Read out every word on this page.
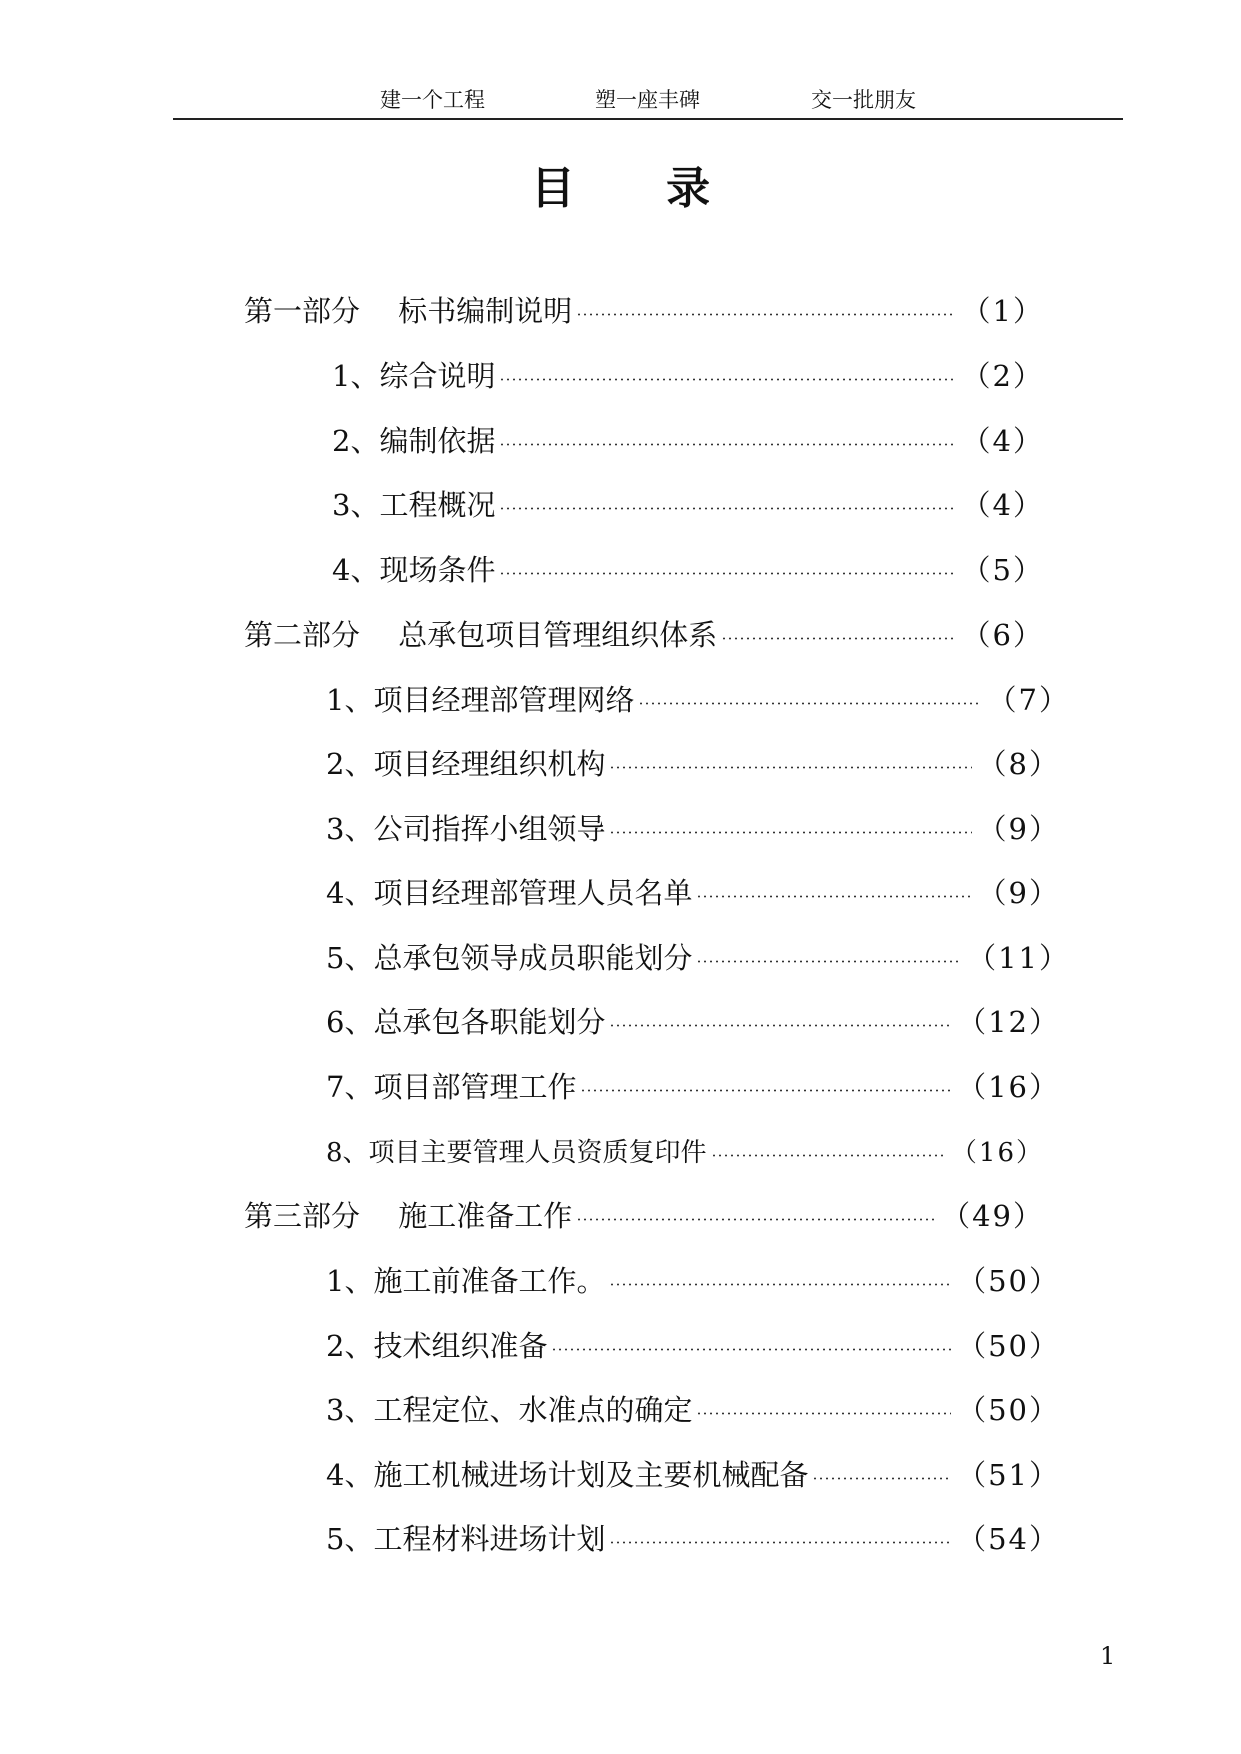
建一个工程	塑一座丰碑	交一批朋友
目 录
第一部分　 标书编制说明	（1）
1、综合说明	（2）
2、编制依据	（4）
3、工程概况	（4）
4、现场条件	（5）
第二部分　 总承包项目管理组织体系	（6）
1、项目经理部管理网络	（7）
2、项目经理组织机构	（8）
3、公司指挥小组领导	（9）
4、项目经理部管理人员名单	（9）
5、总承包领导成员职能划分	（11）
6、总承包各职能划分	（12）
7、项目部管理工作	（16）
8、项目主要管理人员资质复印件	（16）
第三部分　 施工准备工作	（49）
1、施工前准备工作。	（50）
2、技术组织准备	（50）
3、工程定位、水准点的确定	（50）
4、施工机械进场计划及主要机械配备	（51）
5、工程材料进场计划	（54）
1
